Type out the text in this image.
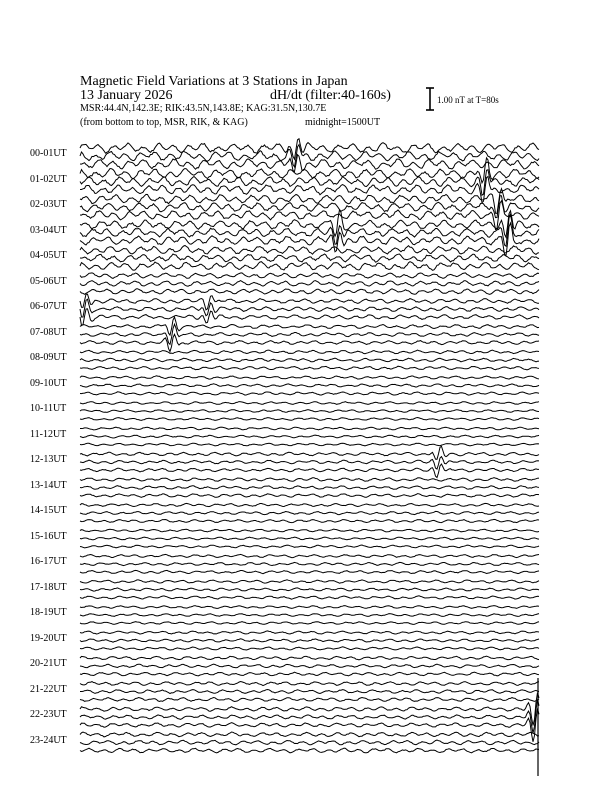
Magnetic Field Variations at 3 Stations in Japan
13 January 2026	dH/dt (filter:40-160s)
MSR:44.4N,142.3E; RIK:43.5N,143.8E; KAG:31.5N,130.7E
(from bottom to top, MSR, RIK, & KAG)	midnight=1500UT
1.00 nT at T=80s
00-01UT
01-02UT
02-03UT
03-04UT
04-05UT
05-06UT
06-07UT
07-08UT
08-09UT
09-10UT
10-11UT
11-12UT
12-13UT
13-14UT
14-15UT
15-16UT
16-17UT
17-18UT
18-19UT
19-20UT
20-21UT
21-22UT
22-23UT
23-24UT
